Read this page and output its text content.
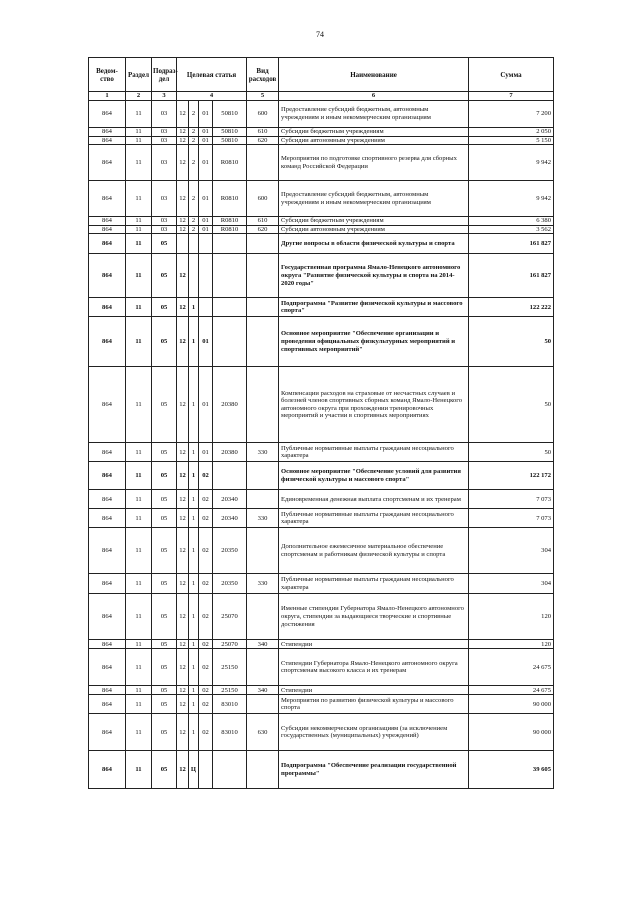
74
Ведом-ство	Раздел	Подраз-дел	Целевая статья				Вид расходов	Наименование	Сумма
1	2	3	4				5	6	7
864	11	03	12	2	01	50810	600	Предоставление субсидий бюджетным, автономным учреждениям и иным некоммерческим организациям	7 200
864	11	03	12	2	01	50810	610	Субсидии бюджетным учреждениям	2 050
864	11	03	12	2	01	50810	620	Субсидии автономным учреждениям	5 150
864	11	03	12	2	01	R0810		Мероприятия по подготовке спортивного резерва для сборных команд Российской Федерации	9 942
864	11	03	12	2	01	R0810	600	Предоставление субсидий бюджетным, автономным учреждениям и иным некоммерческим организациям	9 942
864	11	03	12	2	01	R0810	610	Субсидии бюджетным учреждениям	6 380
864	11	03	12	2	01	R0810	620	Субсидии автономным учреждениям	3 562
864	11	05						Другие вопросы в области физической культуры и спорта	161 827
864	11	05	12					Государственная программа Ямало-Ненецкого автономного округа "Развитие физической культуры и спорта на 2014-2020 годы"	161 827
864	11	05	12	1				Подпрограмма "Развитие физической культуры и массового спорта"	122 222
864	11	05	12	1	01			Основное мероприятие "Обеспечение организации и проведения официальных физкультурных мероприятий и спортивных мероприятий"	50
864	11	05	12	1	01	20380		Компенсации расходов на страховые от несчастных случаев и болезней членов спортивных сборных команд Ямало-Ненецкого автономного округа при прохождении тренировочных мероприятий и участии в спортивных мероприятиях	50
864	11	05	12	1	01	20380	330	Публичные нормативные выплаты гражданам несоциального характера	50
864	11	05	12	1	02			Основное мероприятие "Обеспечение условий для развития физической культуры и массового спорта"	122 172
864	11	05	12	1	02	20340		Единовременная денежная выплата спортсменам и их тренерам	7 073
864	11	05	12	1	02	20340	330	Публичные нормативные выплаты гражданам несоциального характера	7 073
864	11	05	12	1	02	20350		Дополнительное ежемесячное материальное обеспечение спортсменам и работникам физической культуры и спорта	304
864	11	05	12	1	02	20350	330	Публичные нормативные выплаты гражданам несоциального характера	304
864	11	05	12	1	02	25070		Именные стипендии Губернатора Ямало-Ненецкого автономного округа, стипендии за выдающиеся творческие и спортивные достижения	120
864	11	05	12	1	02	25070	340	Стипендии	120
864	11	05	12	1	02	25150		Стипендии Губернатора Ямало-Ненецкого автономного округа спортсменам высокого класса и их тренерам	24 675
864	11	05	12	1	02	25150	340	Стипендии	24 675
864	11	05	12	1	02	83010		Мероприятия по развитию физической культуры и массового спорта	90 000
864	11	05	12	1	02	83010	630	Субсидии некоммерческим организациям (за исключением государственных (муниципальных) учреждений)	90 000
864	11	05	12	Ц				Подпрограмма "Обеспечение реализации государственной программы"	39 605
